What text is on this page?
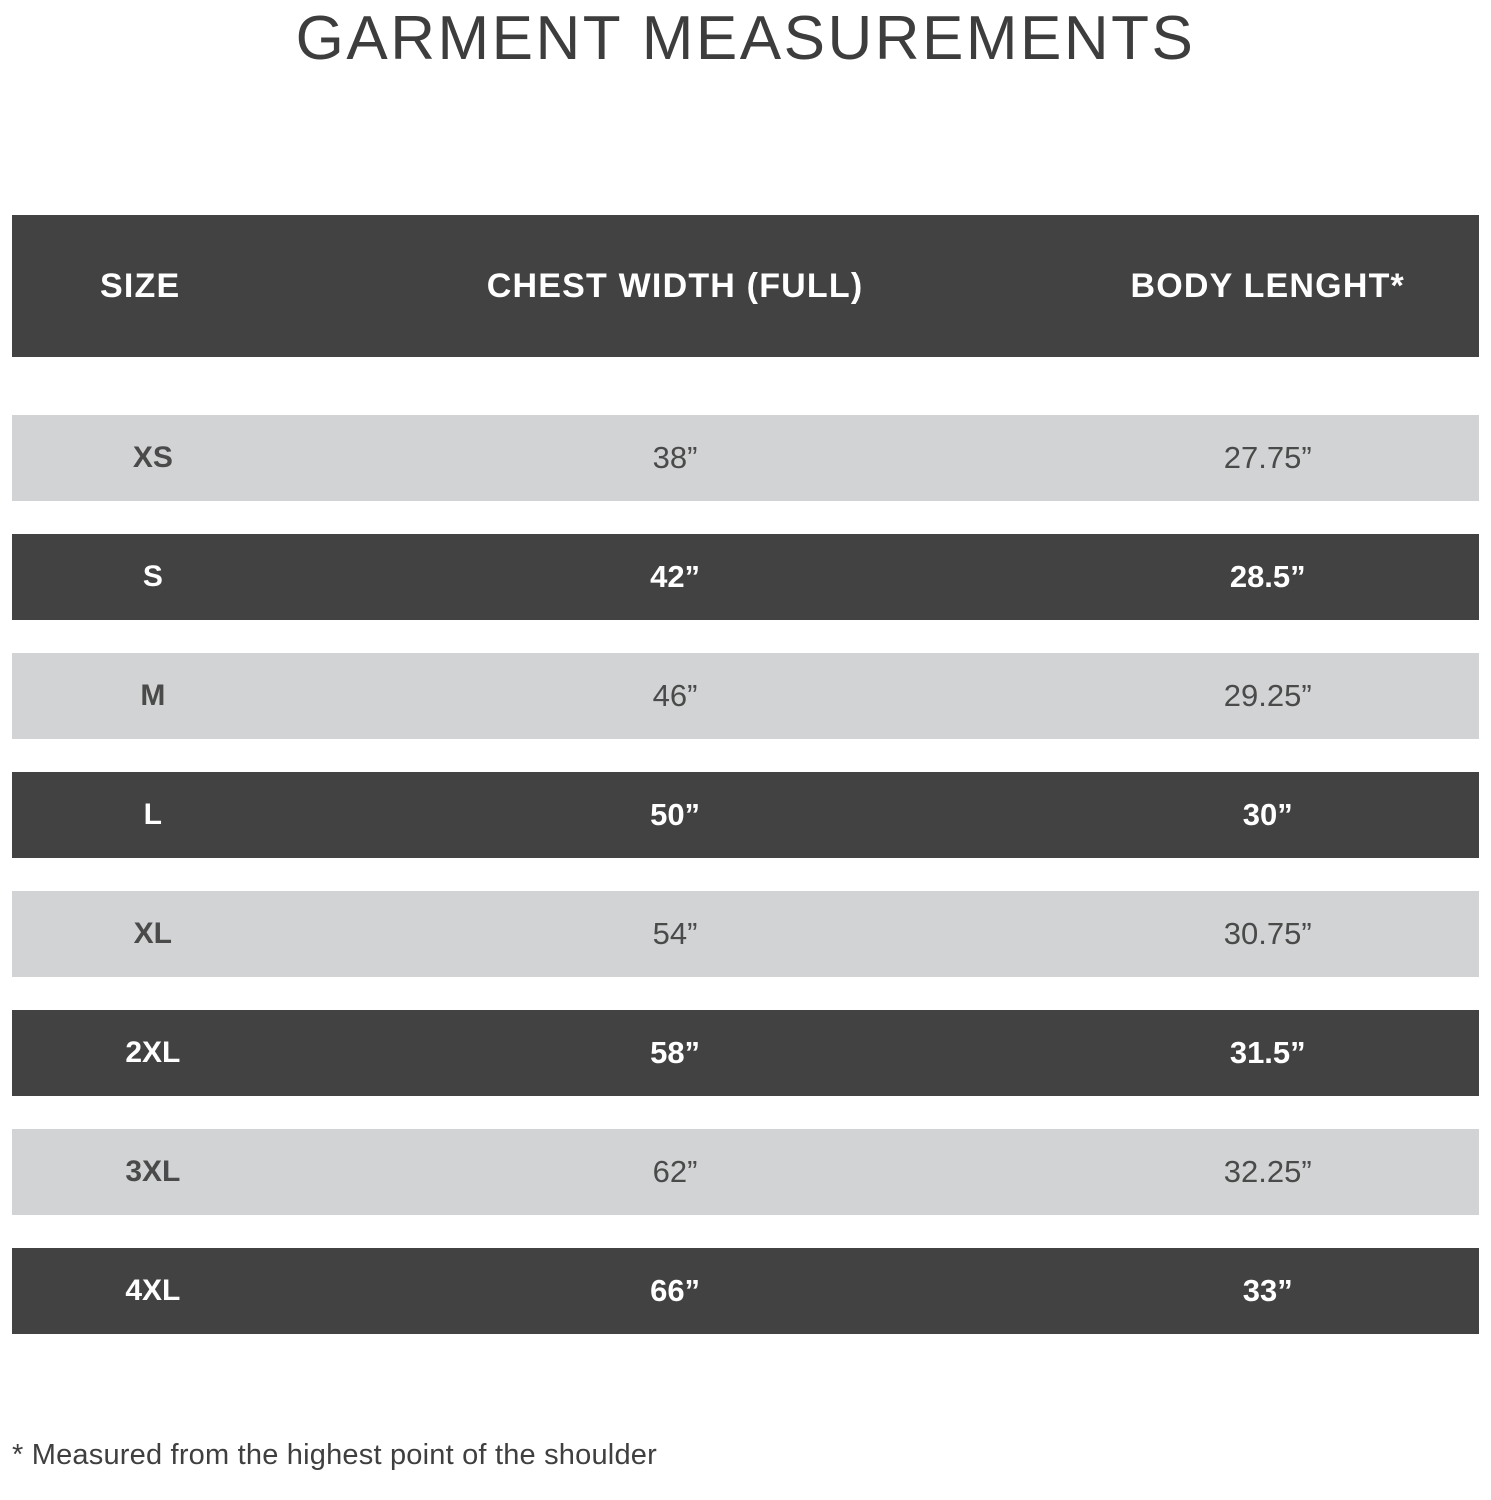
GARMENT MEASUREMENTS
SIZE	CHEST WIDTH (FULL)	BODY LENGHT*

XS	38”	27.75”

S	42”	28.5”

M	46”	29.25”

L	50”	30”

XL	54”	30.75”

2XL	58”	31.5”

3XL	62”	32.25”

4XL	66”	33”
* Measured from the highest point of the shoulder
